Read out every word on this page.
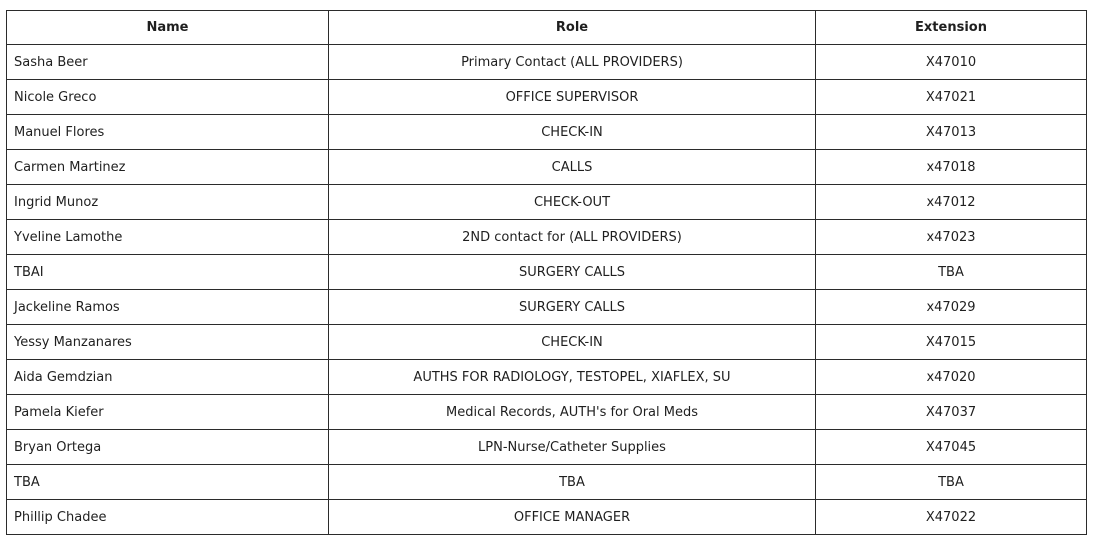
Name	Role	Extension
Sasha Beer	Primary Contact (ALL PROVIDERS)	X47010
Nicole Greco	OFFICE SUPERVISOR	X47021
Manuel Flores	CHECK-IN	X47013
Carmen Martinez	CALLS	x47018
Ingrid Munoz	CHECK-OUT	x47012
Yveline Lamothe	2ND contact for (ALL PROVIDERS)	x47023
TBAI	SURGERY CALLS	TBA
Jackeline Ramos	SURGERY CALLS	x47029
Yessy Manzanares	CHECK-IN	X47015
Aida Gemdzian	AUTHS FOR RADIOLOGY, TESTOPEL, XIAFLEX, SU	x47020
Pamela Kiefer	Medical Records, AUTH's for Oral Meds	X47037
Bryan Ortega	LPN-Nurse/Catheter Supplies	X47045
TBA	TBA	TBA
Phillip Chadee	OFFICE MANAGER	X47022
